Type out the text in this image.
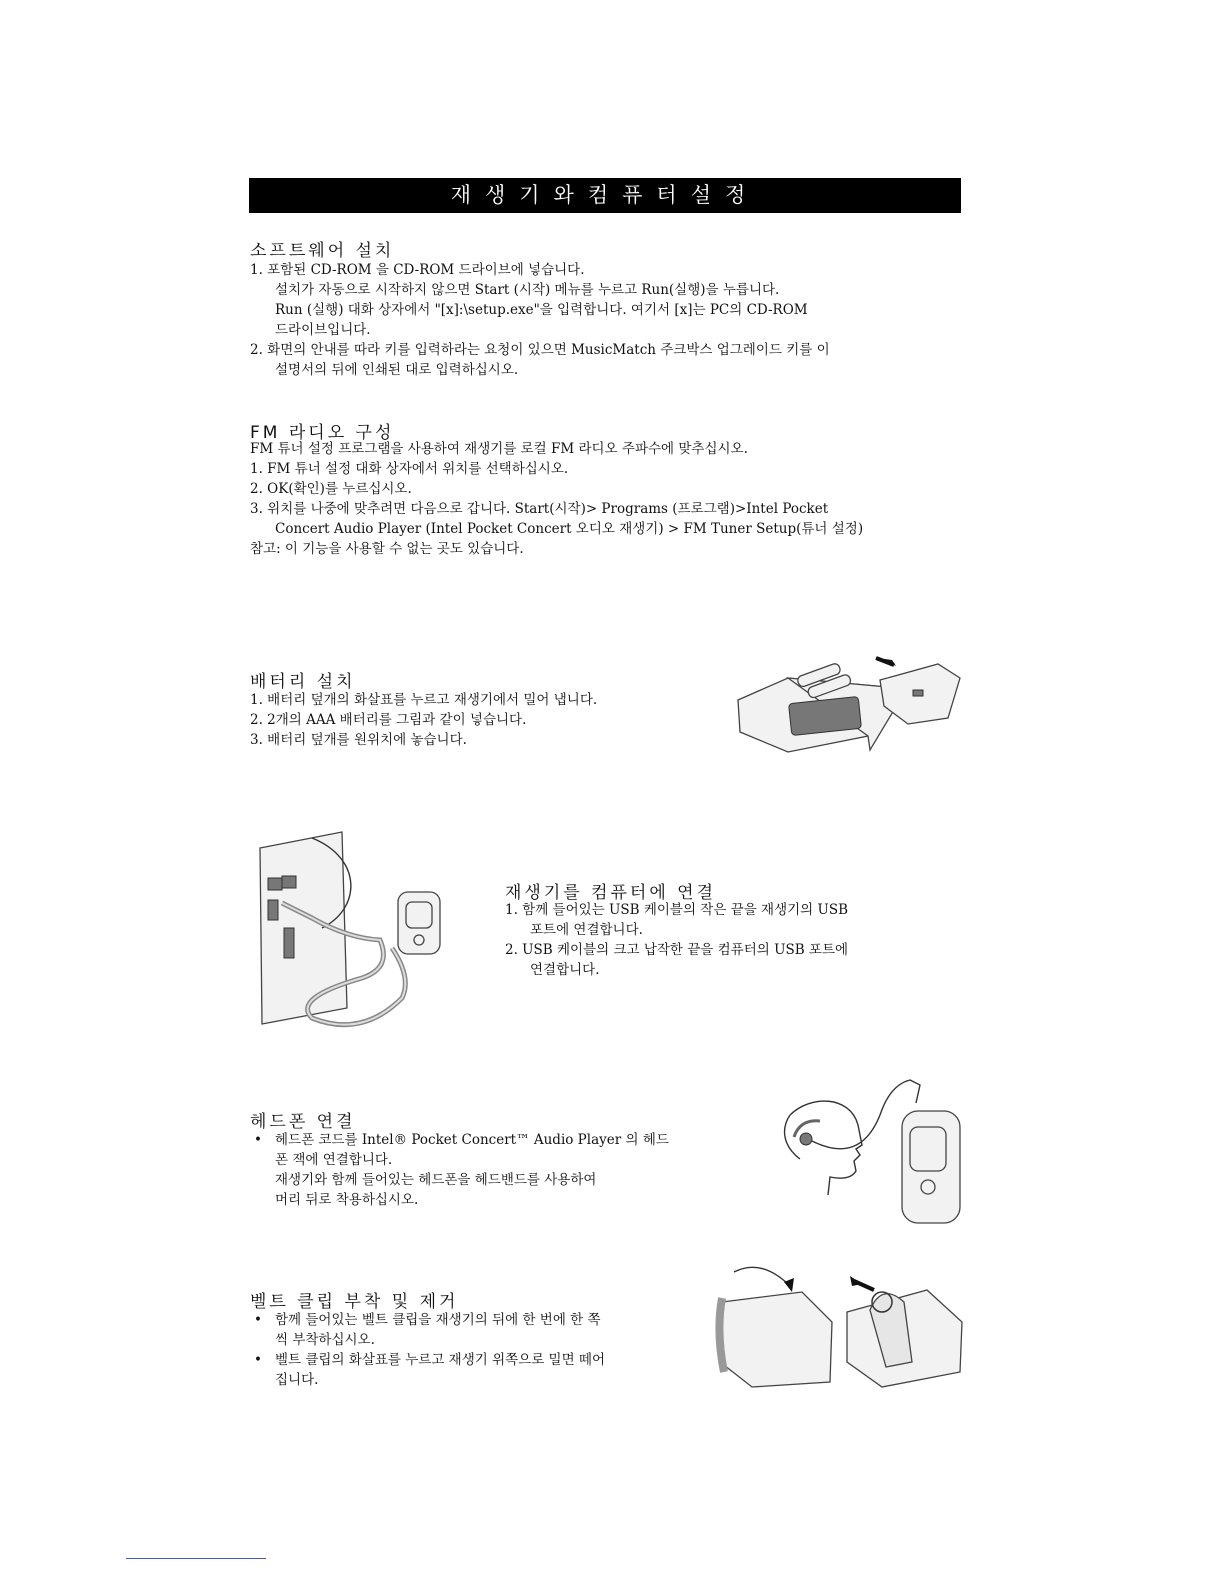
재생기와컴퓨터설정
소프트웨어 설치
1. 포함된 CD-ROM 을 CD-ROM 드라이브에 넣습니다.
설치가 자동으로 시작하지 않으면 Start (시작) 메뉴를 누르고 Run(실행)을 누릅니다.
Run (실행) 대화 상자에서 "[x]:\setup.exe"을 입력합니다. 여기서 [x]는 PC의 CD-ROM
드라이브입니다.
2. 화면의 안내를 따라 키를 입력하라는 요청이 있으면 MusicMatch 주크박스 업그레이드 키를 이
설명서의 뒤에 인쇄된 대로 입력하십시오.
FM 라디오 구성
FM 튜너 설정 프로그램을 사용하여 재생기를 로컬 FM 라디오 주파수에 맞추십시오.
1. FM 튜너 설정 대화 상자에서 위치를 선택하십시오.
2. OK(확인)를 누르십시오.
3. 위치를 나중에 맞추려면 다음으로 갑니다. Start(시작)> Programs (프로그램)>Intel Pocket
Concert Audio Player (Intel Pocket Concert 오디오 재생기) > FM Tuner Setup(튜너 설정)
참고: 이 기능을 사용할 수 없는 곳도 있습니다.
배터리 설치
1. 배터리 덮개의 화살표를 누르고 재생기에서 밀어 냅니다.
2. 2개의 AAA 배터리를 그림과 같이 넣습니다.
3. 배터리 덮개를 원위치에 놓습니다.
재생기를 컴퓨터에 연결
1. 함께 들어있는 USB 케이블의 작은 끝을 재생기의 USB
포트에 연결합니다.
2. USB 케이블의 크고 납작한 끝을 컴퓨터의 USB 포트에
연결합니다.
헤드폰 연결
• 헤드폰 코드를 Intel® Pocket Concert™ Audio Player 의 헤드
폰 잭에 연결합니다.
재생기와 함께 들어있는 헤드폰을 헤드밴드를 사용하여
머리 뒤로 착용하십시오.
벨트 클립 부착 및 제거
• 함께 들어있는 벨트 클립을 재생기의 뒤에 한 번에 한 쪽
씩 부착하십시오.
• 벨트 클립의 화살표를 누르고 재생기 위쪽으로 밀면 떼어
집니다.
